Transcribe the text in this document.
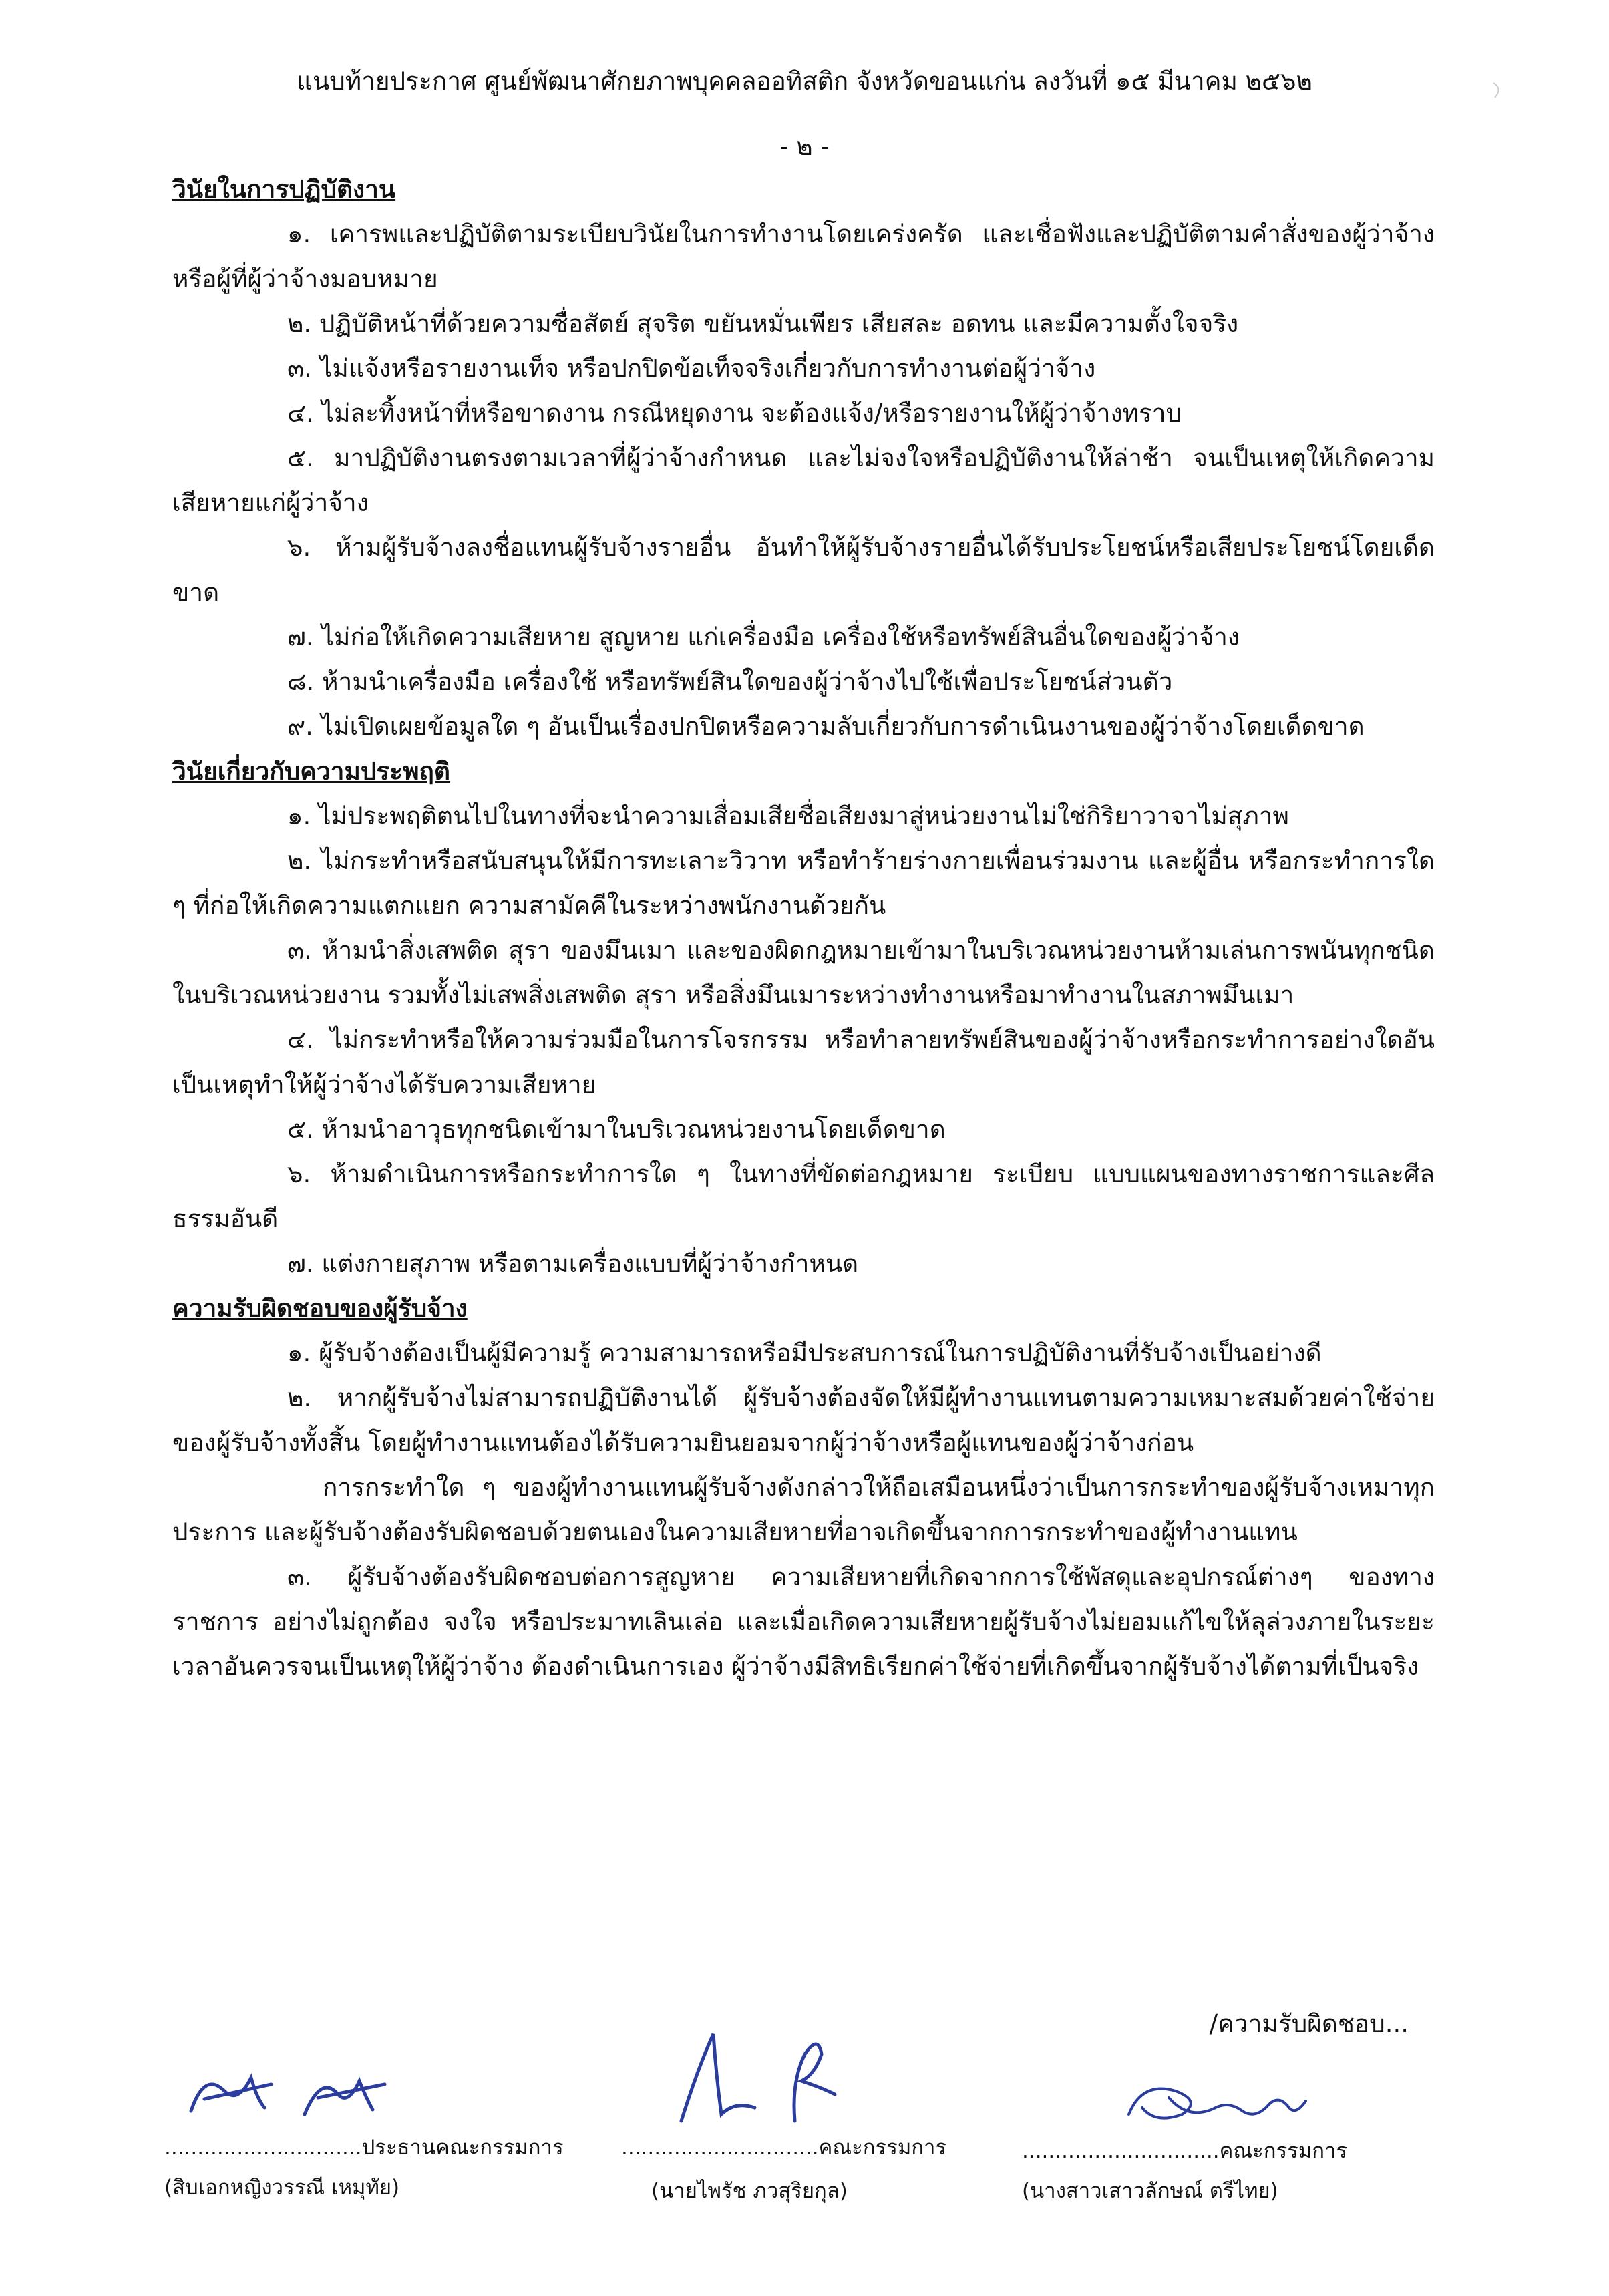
แนบท้ายประกาศ ศูนย์พัฒนาศักยภาพบุคคลออทิสติก จังหวัดขอนแก่น ลงวันที่ ๑๕ มีนาคม ๒๕๖๒
- ๒ -

วินัยในการปฏิบัติงาน

๑. เคารพและปฏิบัติตามระเบียบวินัยในการทำงานโดยเคร่งครัด และเชื่อฟังและปฏิบัติตามคำสั่งของผู้ว่าจ้างหรือผู้ที่ผู้ว่าจ้างมอบหมาย

๒. ปฏิบัติหน้าที่ด้วยความซื่อสัตย์ สุจริต ขยันหมั่นเพียร เสียสละ อดทน และมีความตั้งใจจริง

๓. ไม่แจ้งหรือรายงานเท็จ หรือปกปิดข้อเท็จจริงเกี่ยวกับการทำงานต่อผู้ว่าจ้าง

๔. ไม่ละทิ้งหน้าที่หรือขาดงาน กรณีหยุดงาน จะต้องแจ้ง/หรือรายงานให้ผู้ว่าจ้างทราบ

๕. มาปฏิบัติงานตรงตามเวลาที่ผู้ว่าจ้างกำหนด และไม่จงใจหรือปฏิบัติงานให้ล่าช้า จนเป็นเหตุให้เกิดความเสียหายแก่ผู้ว่าจ้าง

๖. ห้ามผู้รับจ้างลงชื่อแทนผู้รับจ้างรายอื่น อันทำให้ผู้รับจ้างรายอื่นได้รับประโยชน์หรือเสียประโยชน์โดยเด็ดขาด

๗. ไม่ก่อให้เกิดความเสียหาย สูญหาย แก่เครื่องมือ เครื่องใช้หรือทรัพย์สินอื่นใดของผู้ว่าจ้าง

๘. ห้ามนำเครื่องมือ เครื่องใช้ หรือทรัพย์สินใดของผู้ว่าจ้างไปใช้เพื่อประโยชน์ส่วนตัว

๙. ไม่เปิดเผยข้อมูลใด ๆ อันเป็นเรื่องปกปิดหรือความลับเกี่ยวกับการดำเนินงานของผู้ว่าจ้างโดยเด็ดขาด

วินัยเกี่ยวกับความประพฤติ

๑. ไม่ประพฤติตนไปในทางที่จะนำความเสื่อมเสียชื่อเสียงมาสู่หน่วยงานไม่ใช่กิริยาวาจาไม่สุภาพ

๒. ไม่กระทำหรือสนับสนุนให้มีการทะเลาะวิวาท หรือทำร้ายร่างกายเพื่อนร่วมงาน และผู้อื่น หรือกระทำการใด ๆ ที่ก่อให้เกิดความแตกแยก ความสามัคคีในระหว่างพนักงานด้วยกัน

๓. ห้ามนำสิ่งเสพติด สุรา ของมึนเมา และของผิดกฎหมายเข้ามาในบริเวณหน่วยงานห้ามเล่นการพนันทุกชนิด ในบริเวณหน่วยงาน รวมทั้งไม่เสพสิ่งเสพติด สุรา หรือสิ่งมึนเมาระหว่างทำงานหรือมาทำงานในสภาพมึนเมา

๔. ไม่กระทำหรือให้ความร่วมมือในการโจรกรรม หรือทำลายทรัพย์สินของผู้ว่าจ้างหรือกระทำการอย่างใดอันเป็นเหตุทำให้ผู้ว่าจ้างได้รับความเสียหาย

๕. ห้ามนำอาวุธทุกชนิดเข้ามาในบริเวณหน่วยงานโดยเด็ดขาด

๖. ห้ามดำเนินการหรือกระทำการใด ๆ ในทางที่ขัดต่อกฎหมาย ระเบียบ แบบแผนของทางราชการและศีลธรรมอันดี

๗. แต่งกายสุภาพ หรือตามเครื่องแบบที่ผู้ว่าจ้างกำหนด

ความรับผิดชอบของผู้รับจ้าง

๑. ผู้รับจ้างต้องเป็นผู้มีความรู้ ความสามารถหรือมีประสบการณ์ในการปฏิบัติงานที่รับจ้างเป็นอย่างดี

๒. หากผู้รับจ้างไม่สามารถปฏิบัติงานได้ ผู้รับจ้างต้องจัดให้มีผู้ทำงานแทนตามความเหมาะสมด้วยค่าใช้จ่ายของผู้รับจ้างทั้งสิ้น โดยผู้ทำงานแทนต้องได้รับความยินยอมจากผู้ว่าจ้างหรือผู้แทนของผู้ว่าจ้างก่อน

การกระทำใด ๆ ของผู้ทำงานแทนผู้รับจ้างดังกล่าวให้ถือเสมือนหนึ่งว่าเป็นการกระทำของผู้รับจ้างเหมาทุกประการ และผู้รับจ้างต้องรับผิดชอบด้วยตนเองในความเสียหายที่อาจเกิดขึ้นจากการกระทำของผู้ทำงานแทน

๓. ผู้รับจ้างต้องรับผิดชอบต่อการสูญหาย ความเสียหายที่เกิดจากการใช้พัสดุและอุปกรณ์ต่างๆ ของทางราชการ อย่างไม่ถูกต้อง จงใจ หรือประมาทเลินเล่อ และเมื่อเกิดความเสียหายผู้รับจ้างไม่ยอมแก้ไขให้ลุล่วงภายในระยะเวลาอันควรจนเป็นเหตุให้ผู้ว่าจ้าง ต้องดำเนินการเอง ผู้ว่าจ้างมีสิทธิเรียกค่าใช้จ่ายที่เกิดขึ้นจากผู้รับจ้างได้ตามที่เป็นจริง

/ความรับผิดชอบ...
..............................ประธานคณะกรรมการ
(สิบเอกหญิงวรรณี เหมุทัย)
..............................คณะกรรมการ
(นายไพรัช ภวสุริยกุล)
..............................คณะกรรมการ
(นางสาวเสาวลักษณ์ ตรีไทย)
